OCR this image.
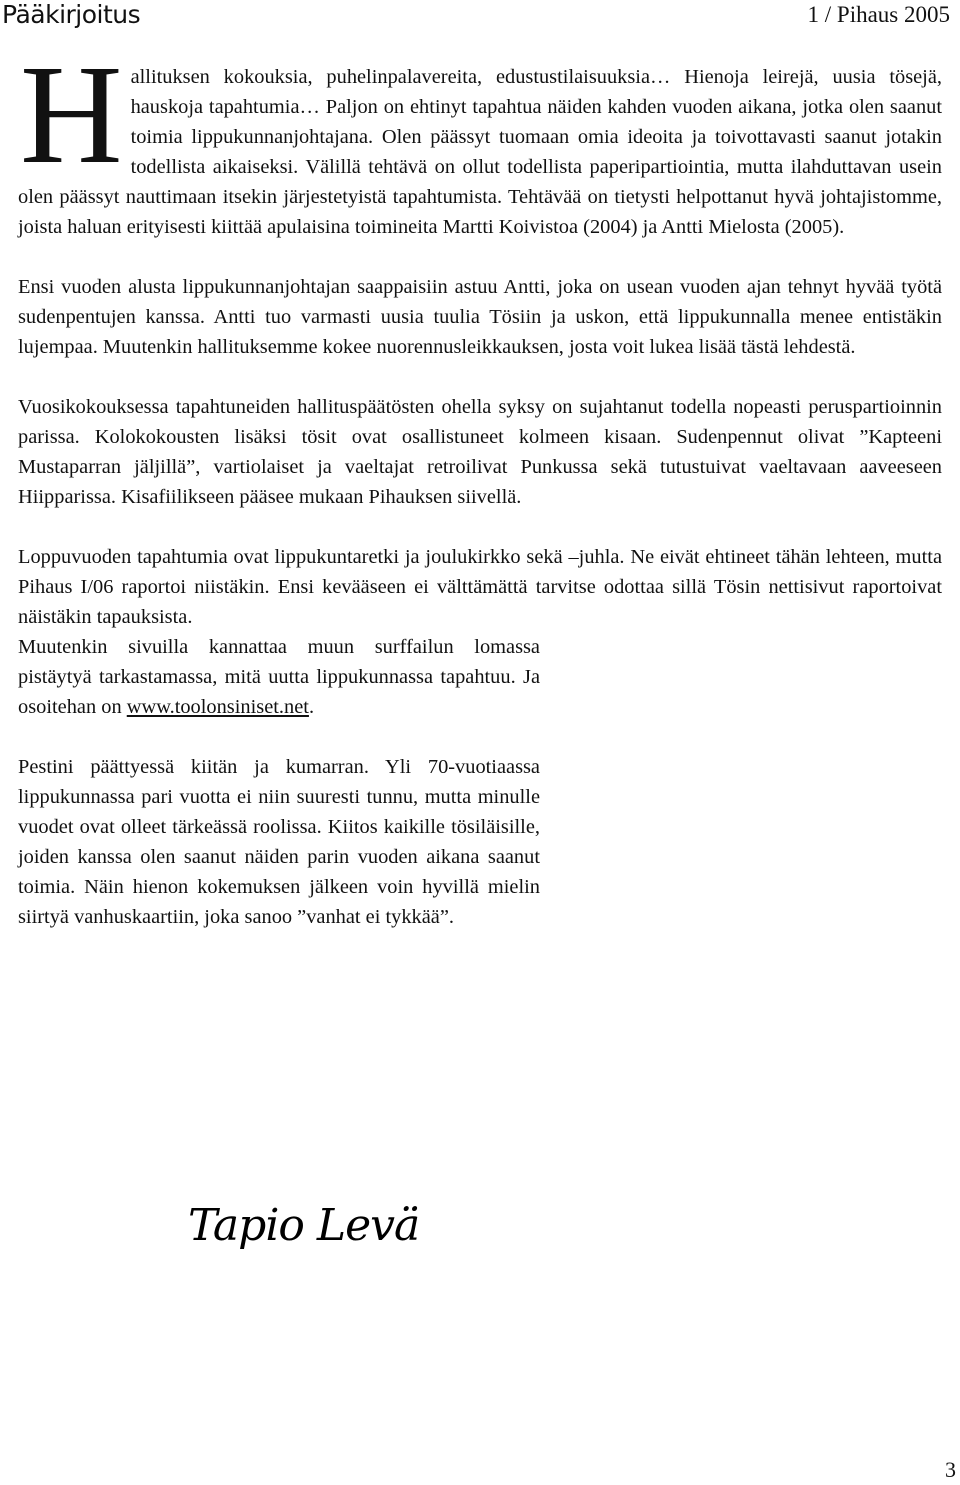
Pääkirjoitus	1 / Pihaus 2005

Hallituksen kokouksia, puhelinpalavereita, edustustilaisuuksia… Hienoja leirejä, uusia tösejä, hauskoja tapahtumia… Paljon on ehtinyt tapahtua näiden kahden vuoden aikana, jotka olen saanut toimia lippukunnanjohtajana. Olen päässyt tuomaan omia ideoita ja toivottavasti saanut jotakin todellista aikaiseksi. Välillä tehtävä on ollut todellista paperipartiointia, mutta ilahduttavan usein olen päässyt nauttimaan itsekin järjestetyistä tapahtumista. Tehtävää on tietysti helpottanut hyvä johtajistomme, joista haluan erityisesti kiittää apulaisina toimineita Martti Koivistoa (2004) ja Antti Mielosta (2005).

Ensi vuoden alusta lippukunnanjohtajan saappaisiin astuu Antti, joka on usean vuoden ajan tehnyt hyvää työtä sudenpentujen kanssa. Antti tuo varmasti uusia tuulia Tösiin ja uskon, että lippukunnalla menee entistäkin lujempaa. Muutenkin hallituksemme kokee nuorennusleikkauksen, josta voit lukea lisää tästä lehdestä.

Vuosikokouksessa tapahtuneiden hallituspäätösten ohella syksy on sujahtanut todella nopeasti peruspartioinnin parissa. Kolokokousten lisäksi tösit ovat osallistuneet kolmeen kisaan. Sudenpennut olivat ”Kapteeni Mustaparran jäljillä”, vartiolaiset ja vaeltajat retroilivat Punkussa sekä tutustuivat vaeltavaan aaveeseen Hiipparissa. Kisafiilikseen pääsee mukaan Pihauksen siivellä.

Loppuvuoden tapahtumia ovat lippukuntaretki ja joulukirkko sekä –juhla. Ne eivät ehtineet tähän lehteen, mutta Pihaus I/06 raportoi niistäkin. Ensi kevääseen ei välttämättä tarvitse odottaa sillä Tösin nettisivut raportoivat näistäkin tapauksista.

Muutenkin sivuilla kannattaa muun surffailun lomassa pistäytyä tarkastamassa, mitä uutta lippukunnassa tapahtuu. Ja osoitehan on www.toolonsiniset.net.

Pestini päättyessä kiitän ja kumarran. Yli 70-vuotiaassa lippukunnassa pari vuotta ei niin suuresti tunnu, mutta minulle vuodet ovat olleet tärkeässä roolissa. Kiitos kaikille tösiläisille, joiden kanssa olen saanut näiden parin vuoden aikana saanut toimia. Näin hienon kokemuksen jälkeen voin hyvillä mielin siirtyä vanhuskaartiin, joka sanoo ”vanhat ei tykkää”.

Tapio Levä
3
